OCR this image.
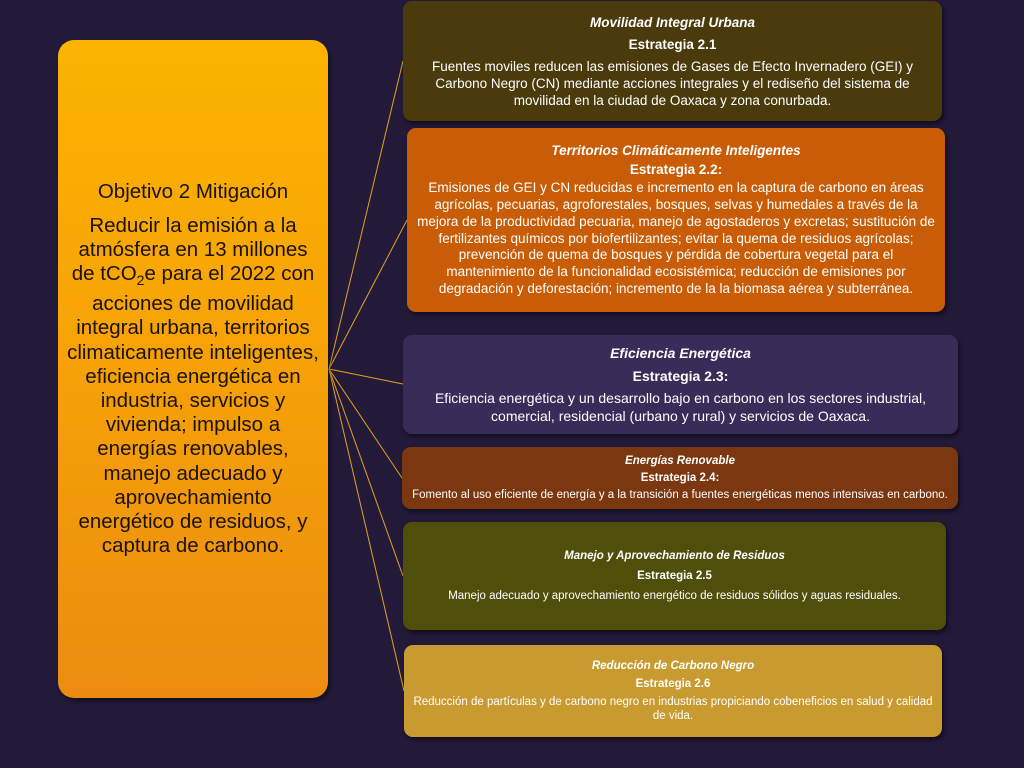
Objetivo 2 Mitigación
Reducir la emisión a la atmósfera en 13 millones de tCO$_2$e para el 2022 con acciones de movilidad integral urbana, territorios climaticamente inteligentes, eficiencia energética en industria, servicios y vivienda; impulso a energías renovables, manejo adecuado y aprovechamiento energético de residuos, y captura de carbono.
Movilidad Integral Urbana
Estrategia 2.1
Fuentes moviles reducen las emisiones de Gases de Efecto Invernadero (GEI) y Carbono Negro (CN) mediante acciones integrales y el rediseño del sistema de movilidad en la ciudad de Oaxaca y zona conurbada.
Territorios Climáticamente Inteligentes
Estrategia 2.2:
Emisiones de GEI y CN reducidas e incremento en la captura de carbono en áreas agrícolas, pecuarias, agroforestales, bosques, selvas y humedales a través de la mejora de la productividad pecuaria, manejo de agostaderos y excretas; sustitución de fertilizantes químicos por biofertilizantes; evitar la quema de residuos agrícolas; prevención de quema de bosques y pérdida de cobertura vegetal para el mantenimiento de la funcionalidad ecosistémica; reducción de emisiones por degradación y deforestación; incremento de la la biomasa aérea y subterránea.
Eficiencia Energética
Estrategia 2.3:
Eficiencia energética y un desarrollo bajo en carbono en los sectores industrial, comercial, residencial (urbano y rural) y servicios de Oaxaca.
Energías Renovable
Estrategia 2.4:
Fomento al uso eficiente de energía y a la transición a fuentes energéticas menos intensivas en carbono.
Manejo y Aprovechamiento de Residuos
Estrategia 2.5
Manejo adecuado y aprovechamiento energético de residuos sólidos y aguas residuales.
Reducción de Carbono Negro
Estrategia 2.6
Reducción de partículas y de carbono negro en industrias propiciando cobeneficios en salud y calidad de vida.
